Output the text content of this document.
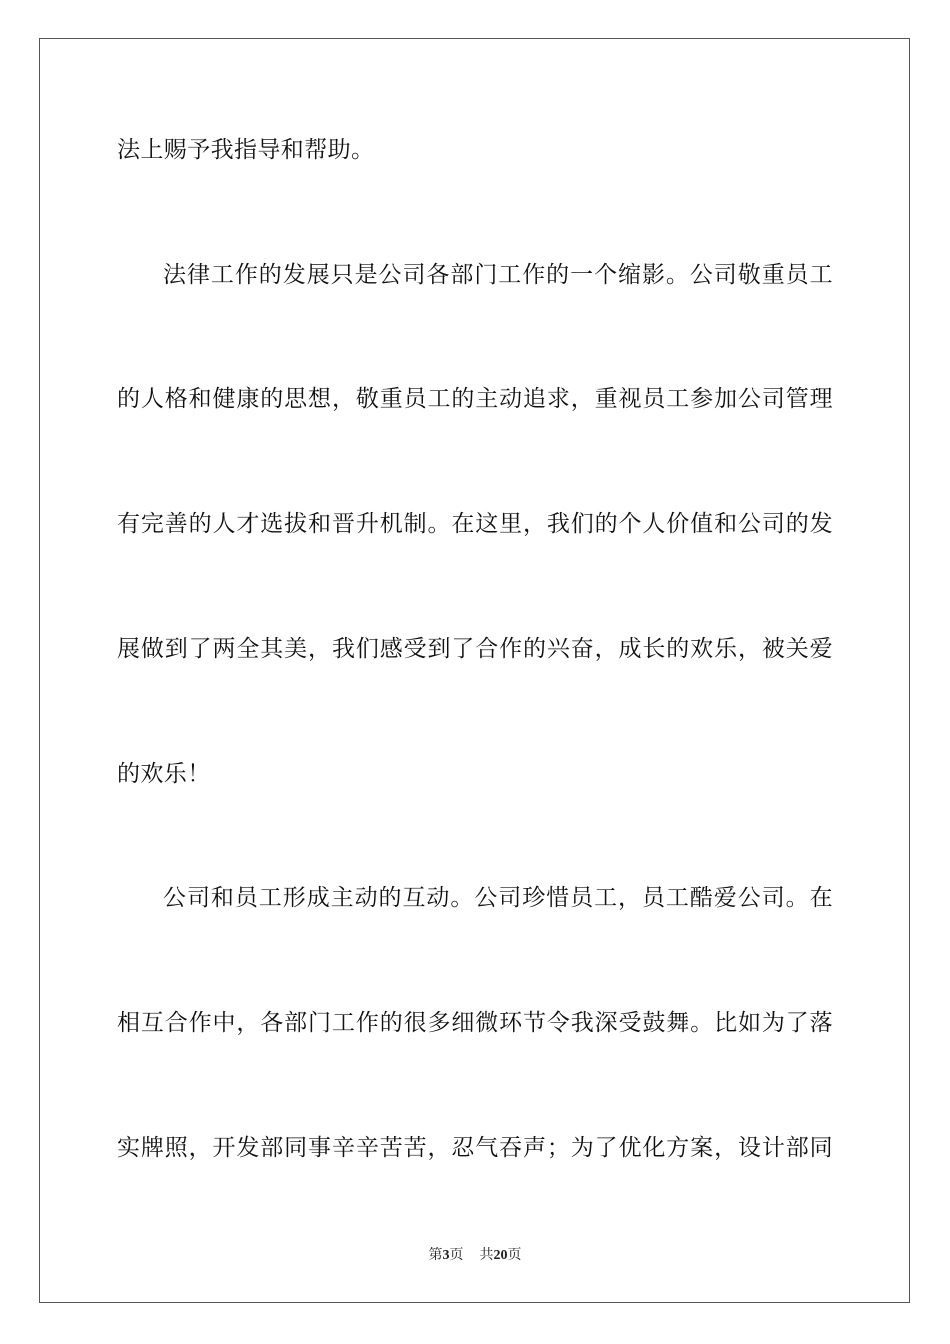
法上赐予我指导和帮助。
法律工作的发展只是公司各部门工作的一个缩影。公司敬重员工
的人格和健康的思想，敬重员工的主动追求，重视员工参加公司管理
有完善的人才选拔和晋升机制。在这里，我们的个人价值和公司的发
展做到了两全其美，我们感受到了合作的兴奋，成长的欢乐，被关爱
的欢乐！
公司和员工形成主动的互动。公司珍惜员工，员工酷爱公司。在
相互合作中，各部门工作的很多细微环节令我深受鼓舞。比如为了落
实牌照，开发部同事辛辛苦苦，忍气吞声；为了优化方案，设计部同
第3页 共20页
